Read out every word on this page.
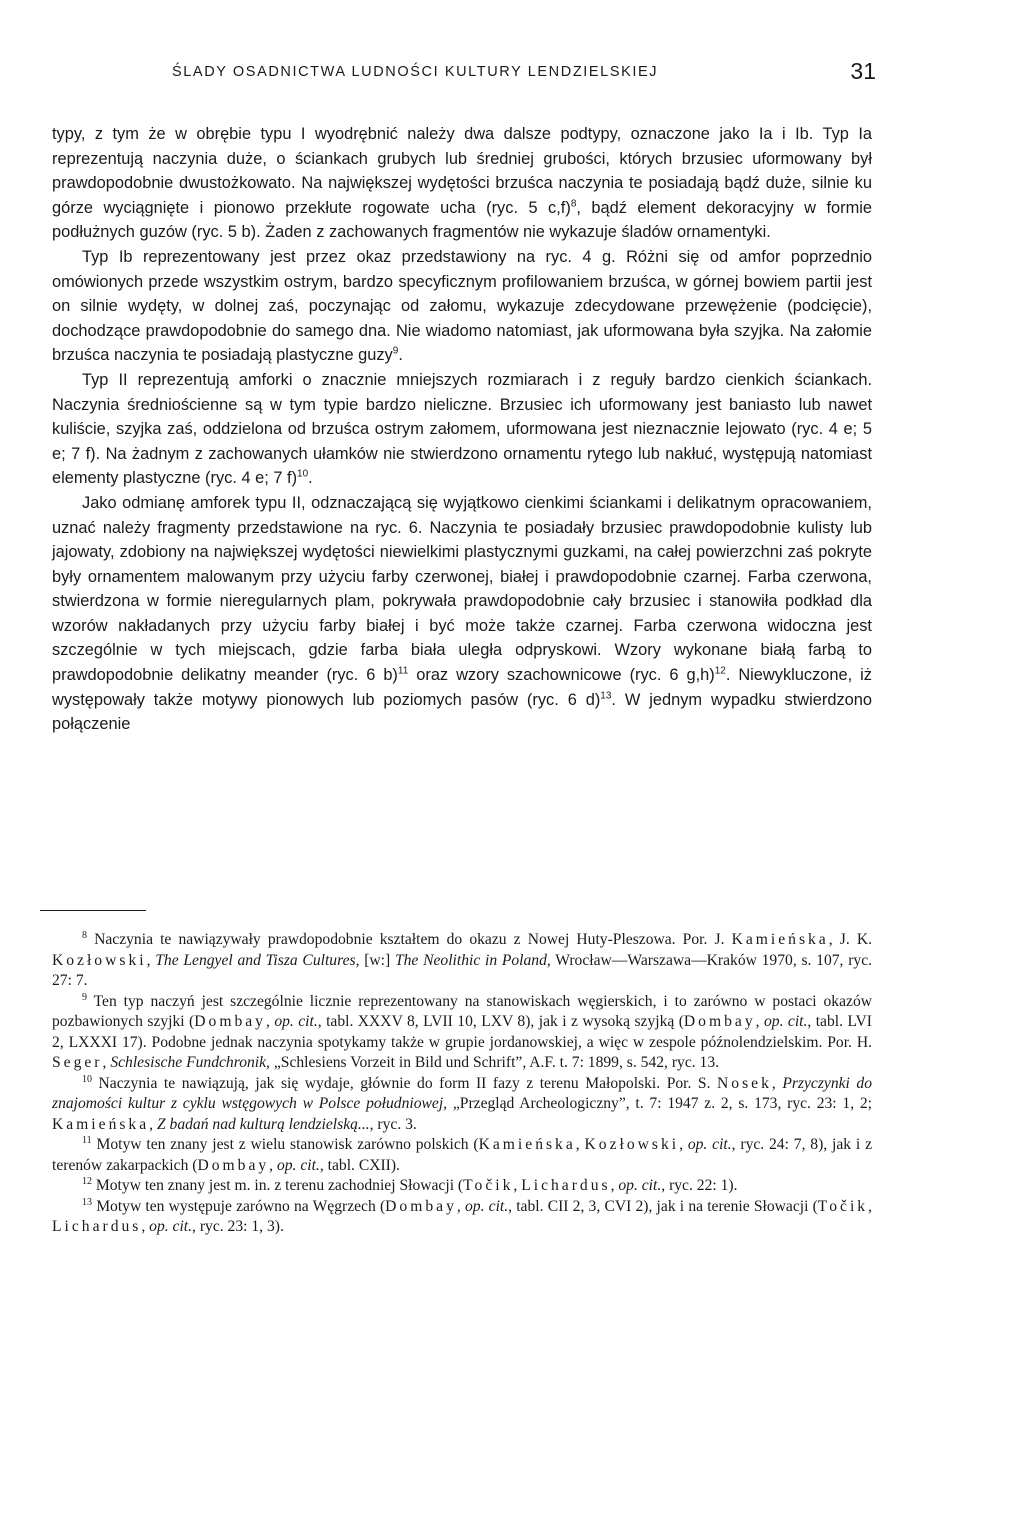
ŚLADY OSADNICTWA LUDNOŚCI KULTURY LENDZIELSKIEJ	31

typy, z tym że w obrębie typu I wyodrębnić należy dwa dalsze podtypy, oznaczone jako Ia i Ib. Typ Ia reprezentują naczynia duże, o ściankach grubych lub średniej grubości, których brzusiec uformowany był prawdopodobnie dwustożkowato. Na największej wydętości brzuśca naczynia te posiadają bądź duże, silnie ku górze wyciągnięte i pionowo przekłute rogowate ucha (ryc. 5 c,f)$^8$, bądź element dekoracyjny w formie podłużnych guzów (ryc. 5 b). Żaden z zachowanych fragmentów nie wykazuje śladów ornamentyki.

Typ Ib reprezentowany jest przez okaz przedstawiony na ryc. 4 g. Różni się od amfor poprzednio omówionych przede wszystkim ostrym, bardzo specyficznym profilowaniem brzuśca, w górnej bowiem partii jest on silnie wydęty, w dolnej zaś, poczynając od załomu, wykazuje zdecydowane przewężenie (podcięcie), dochodzące prawdopodobnie do samego dna. Nie wiadomo natomiast, jak uformowana była szyjka. Na załomie brzuśca naczynia te posiadają plastyczne guzy$^9$.

Typ II reprezentują amforki o znacznie mniejszych rozmiarach i z reguły bardzo cienkich ściankach. Naczynia średniościenne są w tym typie bardzo nieliczne. Brzusiec ich uformowany jest baniasto lub nawet kuliście, szyjka zaś, oddzielona od brzuśca ostrym załomem, uformowana jest nieznacznie lejowato (ryc. 4 e; 5 e; 7 f). Na żadnym z zachowanych ułamków nie stwierdzono ornamentu rytego lub nakłuć, występują natomiast elementy plastyczne (ryc. 4 e; 7 f)$^{10}$.

Jako odmianę amforek typu II, odznaczającą się wyjątkowo cienkimi ściankami i delikatnym opracowaniem, uznać należy fragmenty przedstawione na ryc. 6. Naczynia te posiadały brzusiec prawdopodobnie kulisty lub jajowaty, zdobiony na największej wydętości niewielkimi plastycznymi guzkami, na całej powierzchni zaś pokryte były ornamentem malowanym przy użyciu farby czerwonej, białej i prawdopodobnie czarnej. Farba czerwona, stwierdzona w formie nieregularnych plam, pokrywała prawdopodobnie cały brzusiec i stanowiła podkład dla wzorów nakładanych przy użyciu farby białej i być może także czarnej. Farba czerwona widoczna jest szczególnie w tych miejscach, gdzie farba biała uległa odpryskowi. Wzory wykonane białą farbą to prawdopodobnie delikatny meander (ryc. 6 b)$^{11}$ oraz wzory szachownicowe (ryc. 6 g,h)$^{12}$. Niewykluczone, iż występowały także motywy pionowych lub poziomych pasów (ryc. 6 d)$^{13}$. W jednym wypadku stwierdzono połączenie

$^8$ Naczynia te nawiązywały prawdopodobnie kształtem do okazu z Nowej Huty-Pleszowa. Por. J. Kamieńska, J. K. Kozłowski, The Lengyel and Tisza Cultures, [w:] The Neolithic in Poland, Wrocław—Warszawa—Kraków 1970, s. 107, ryc. 27: 7.

$^9$ Ten typ naczyń jest szczególnie licznie reprezentowany na stanowiskach węgierskich, i to zarówno w postaci okazów pozbawionych szyjki (Dombay, op. cit., tabl. XXXV 8, LVII 10, LXV 8), jak i z wysoką szyjką (Dombay, op. cit., tabl. LVI 2, LXXXI 17). Podobne jednak naczynia spotykamy także w grupie jordanowskiej, a więc w zespole późnolendzielskim. Por. H. Seger, Schlesische Fundchronik, „Schlesiens Vorzeit in Bild und Schrift”, A.F. t. 7: 1899, s. 542, ryc. 13.

$^{10}$ Naczynia te nawiązują, jak się wydaje, głównie do form II fazy z terenu Małopolski. Por. S. Nosek, Przyczynki do znajomości kultur z cyklu wstęgowych w Polsce południowej, „Przegląd Archeologiczny”, t. 7: 1947 z. 2, s. 173, ryc. 23: 1, 2; Kamieńska, Z badań nad kulturą lendzielską..., ryc. 3.

$^{11}$ Motyw ten znany jest z wielu stanowisk zarówno polskich (Kamieńska, Kozłowski, op. cit., ryc. 24: 7, 8), jak i z terenów zakarpackich (Dombay, op. cit., tabl. CXII).

$^{12}$ Motyw ten znany jest m. in. z terenu zachodniej Słowacji (Točik, Lichardus, op. cit., ryc. 22: 1).

$^{13}$ Motyw ten występuje zarówno na Węgrzech (Dombay, op. cit., tabl. CII 2, 3, CVI 2), jak i na terenie Słowacji (Točik, Lichardus, op. cit., ryc. 23: 1, 3).
